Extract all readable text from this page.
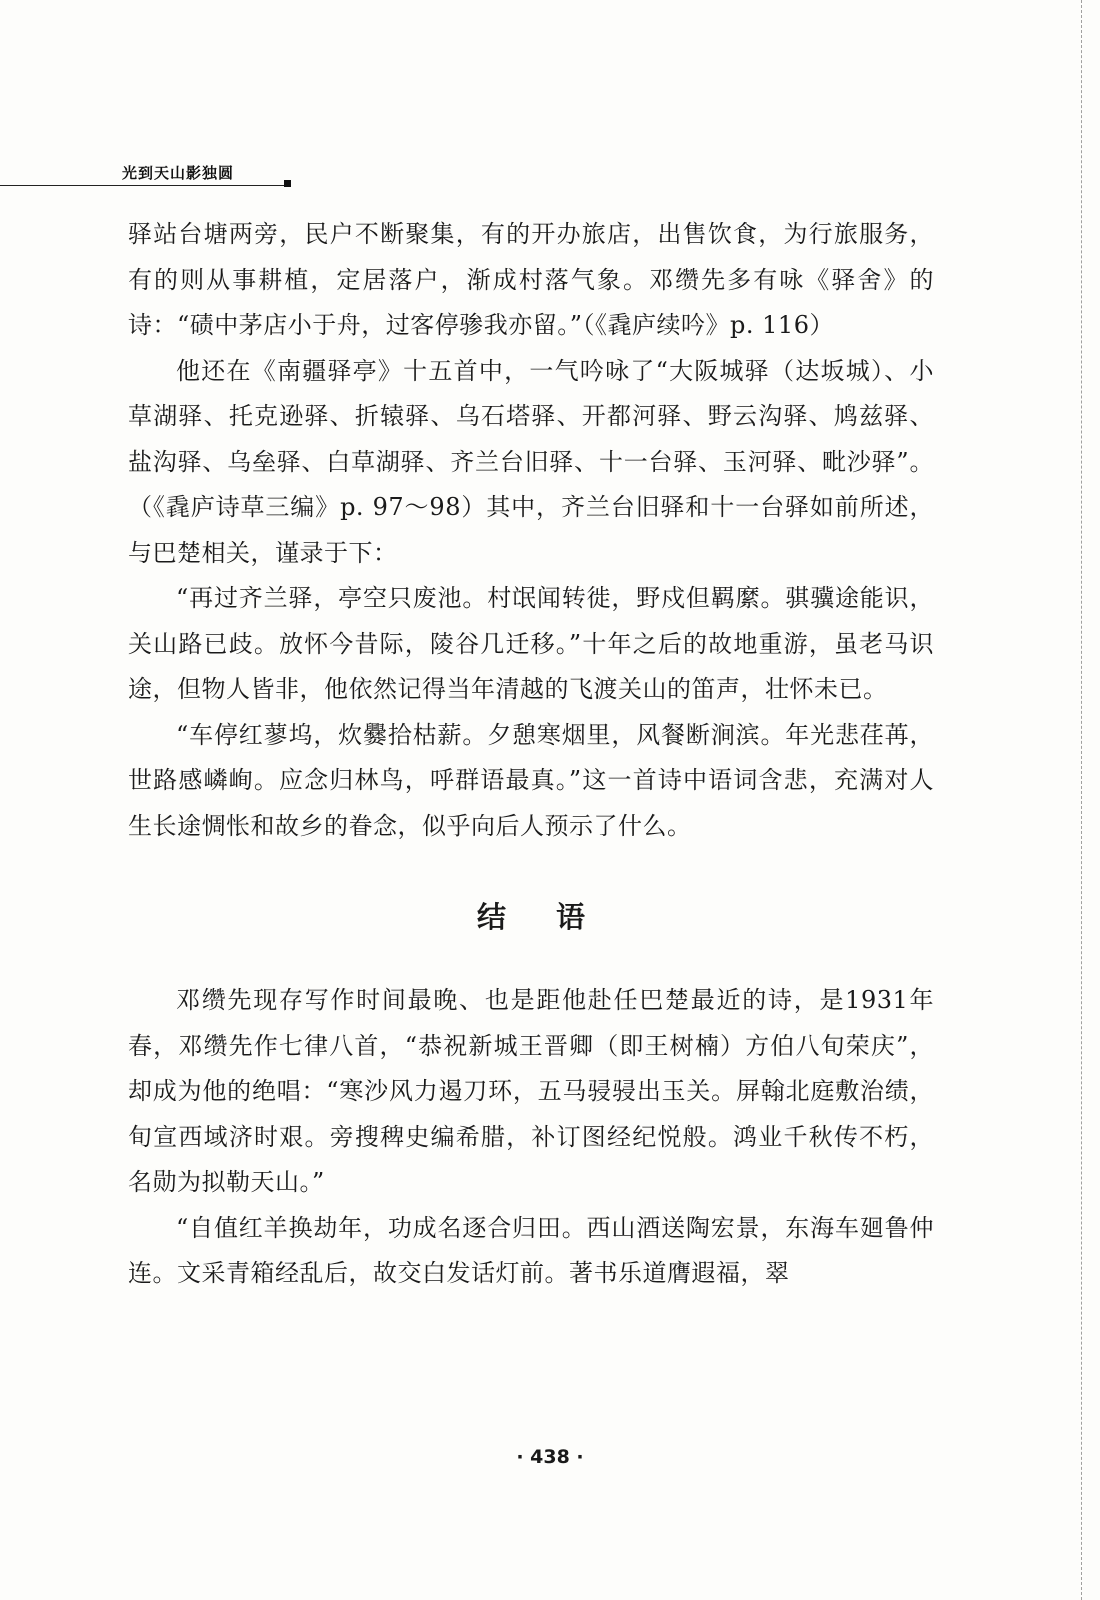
光到天山影独圆

驿站台塘两旁，民户不断聚集，有的开办旅店，出售饮食，为行旅服务，有的则从事耕植，定居落户，渐成村落气象。邓缵先多有咏《驿舍》的诗：“碛中茅店小于舟，过客停骖我亦留。”（《毳庐续吟》p. 116）

他还在《南疆驿亭》十五首中，一气吟咏了“大阪城驿（达坂城）、小草湖驿、托克逊驿、折辕驿、乌石塔驿、开都河驿、野云沟驿、鸠兹驿、盐沟驿、乌垒驿、白草湖驿、齐兰台旧驿、十一台驿、玉河驿、毗沙驿”。（《毳庐诗草三编》p. 97～98）其中，齐兰台旧驿和十一台驿如前所述，与巴楚相关，谨录于下：

“再过齐兰驿，亭空只废池。村氓闻转徙，野戍但羁縻。骐骥途能识，关山路已歧。放怀今昔际，陵谷几迁移。”十年之后的故地重游，虽老马识途，但物人皆非，他依然记得当年清越的飞渡关山的笛声，壮怀未已。

“车停红蓼坞，炊爨拾枯薪。夕憩寒烟里，风餐断涧滨。年光悲荏苒，世路感嶙峋。应念归林鸟，呼群语最真。”这一首诗中语词含悲，充满对人生长途惆怅和故乡的眷念，似乎向后人预示了什么。

结 语

邓缵先现存写作时间最晚、也是距他赴任巴楚最近的诗，是1931年春，邓缵先作七律八首，“恭祝新城王晋卿（即王树楠）方伯八旬荣庆”，却成为他的绝唱：“寒沙风力遏刀环，五马骎骎出玉关。屏翰北庭敷治绩，旬宣西域济时艰。旁搜稗史编希腊，补订图经纪悦般。鸿业千秋传不朽，名勋为拟勒天山。”

“自值红羊换劫年，功成名逐合归田。西山酒送陶宏景，东海车廻鲁仲连。文采青箱经乱后，故交白发话灯前。著书乐道膺遐福，翠

· 438 ·
